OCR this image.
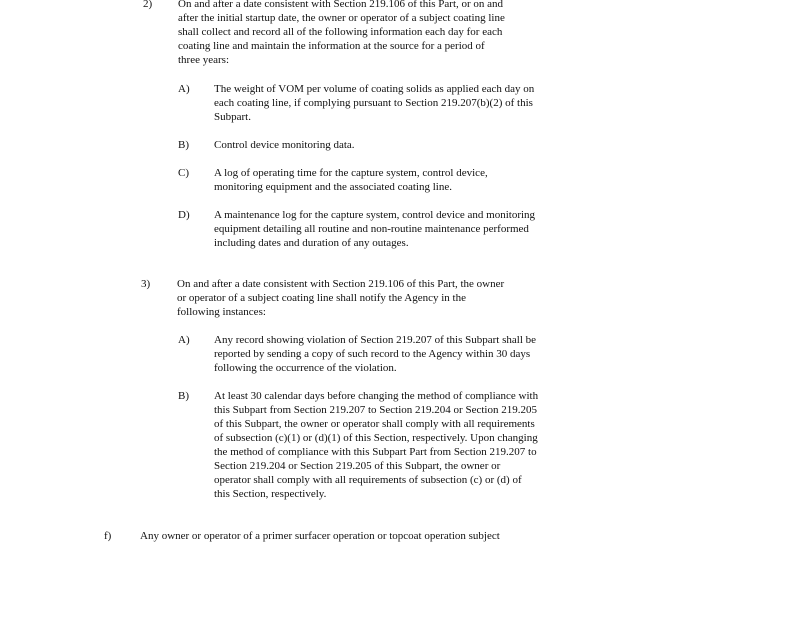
2) On and after a date consistent with Section 219.106 of this Part, or on and after the initial startup date, the owner or operator of a subject coating line shall collect and record all of the following information each day for each coating line and maintain the information at the source for a period of three years:

A) The weight of VOM per volume of coating solids as applied each day on each coating line, if complying pursuant to Section 219.207(b)(2) of this Subpart.

B) Control device monitoring data.

C) A log of operating time for the capture system, control device, monitoring equipment and the associated coating line.

D) A maintenance log for the capture system, control device and monitoring equipment detailing all routine and non-routine maintenance performed including dates and duration of any outages.

3) On and after a date consistent with Section 219.106 of this Part, the owner or operator of a subject coating line shall notify the Agency in the following instances:

A) Any record showing violation of Section 219.207 of this Subpart shall be reported by sending a copy of such record to the Agency within 30 days following the occurrence of the violation.

B) At least 30 calendar days before changing the method of compliance with this Subpart from Section 219.207 to Section 219.204 or Section 219.205 of this Subpart, the owner or operator shall comply with all requirements of subsection (c)(1) or (d)(1) of this Section, respectively. Upon changing the method of compliance with this Subpart Part from Section 219.207 to Section 219.204 or Section 219.205 of this Subpart, the owner or operator shall comply with all requirements of subsection (c) or (d) of this Section, respectively.

f)	Any owner or operator of a primer surfacer operation or topcoat operation subject
